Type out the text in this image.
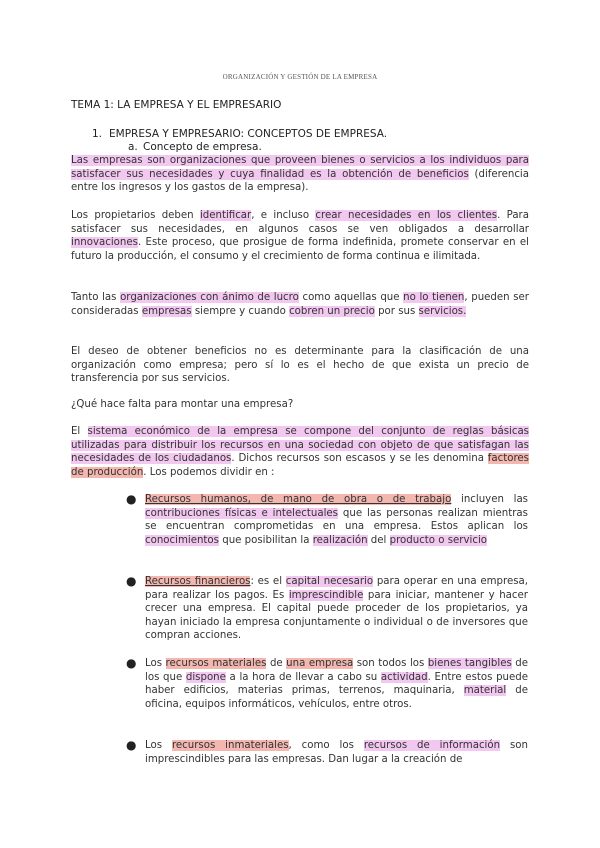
ORGANIZACIÓN Y GESTIÓN DE LA EMPRESA
TEMA 1: LA EMPRESA Y EL EMPRESARIO
1. EMPRESA Y EMPRESARIO: CONCEPTOS DE EMPRESA.
a. Concepto de empresa.
Las empresas son organizaciones que proveen bienes o servicios a los individuos para satisfacer sus necesidades y cuya finalidad es la obtención de beneficios (diferencia entre los ingresos y los gastos de la empresa).
Los propietarios deben identificar, e incluso crear necesidades en los clientes. Para satisfacer sus necesidades, en algunos casos se ven obligados a desarrollar innovaciones. Este proceso, que prosigue de forma indefinida, promete conservar en el futuro la producción, el consumo y el crecimiento de forma continua e ilimitada.
Tanto las organizaciones con ánimo de lucro como aquellas que no lo tienen, pueden ser consideradas empresas siempre y cuando cobren un precio por sus servicios.
El deseo de obtener beneficios no es determinante para la clasificación de una organización como empresa; pero sí lo es el hecho de que exista un precio de transferencia por sus servicios.
¿Qué hace falta para montar una empresa?
El sistema económico de la empresa se compone del conjunto de reglas básicas utilizadas para distribuir los recursos en una sociedad con objeto de que satisfagan las necesidades de los ciudadanos. Dichos recursos son escasos y se les denomina factores de producción. Los podemos dividir en :
● Recursos humanos, de mano de obra o de trabajo incluyen las contribuciones físicas e intelectuales que las personas realizan mientras se encuentran comprometidas en una empresa. Estos aplican los conocimientos que posibilitan la realización del producto o servicio
● Recursos financieros: es el capital necesario para operar en una empresa, para realizar los pagos. Es imprescindible para iniciar, mantener y hacer crecer una empresa. El capital puede proceder de los propietarios, ya hayan iniciado la empresa conjuntamente o individual o de inversores que compran acciones.
● Los recursos materiales de una empresa son todos los bienes tangibles de los que dispone a la hora de llevar a cabo su actividad. Entre estos puede haber edificios, materias primas, terrenos, maquinaria, material de oficina, equipos informáticos, vehículos, entre otros.
● Los recursos inmateriales, como los recursos de información son imprescindibles para las empresas. Dan lugar a la creación de
